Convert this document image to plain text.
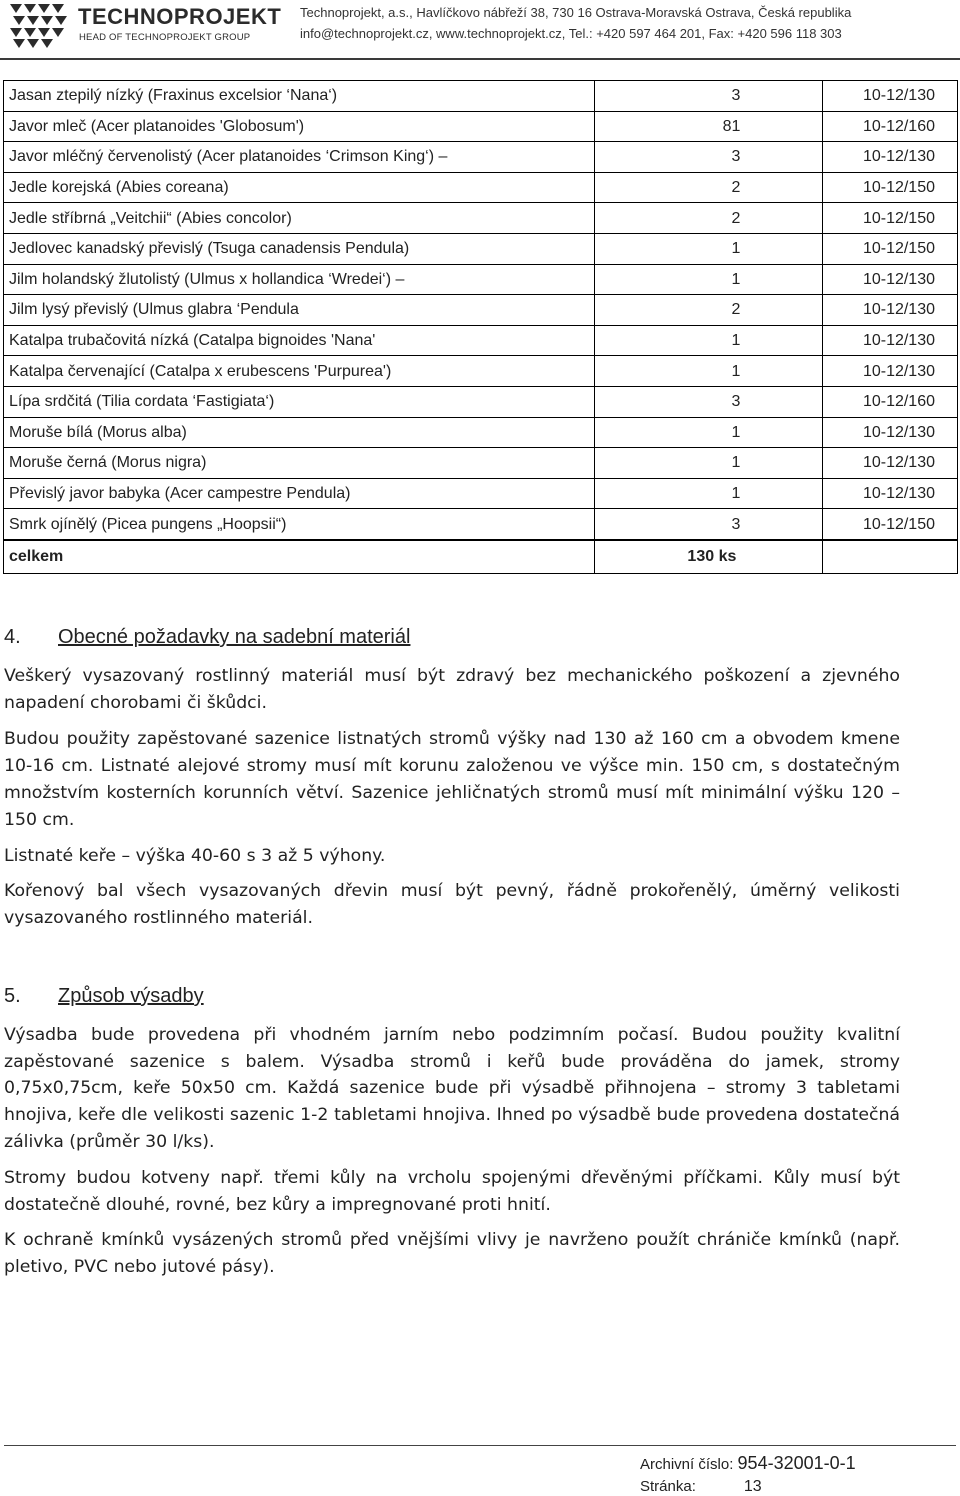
TECHNOPROJEKT
HEAD OF TECHNOPROJEKT GROUP
Technoprojekt, a.s., Havlíčkovo nábřeží 38, 730 16 Ostrava-Moravská Ostrava, Česká republika
info@technoprojekt.cz, www.technoprojekt.cz, Tel.: +420 597 464 201, Fax: +420 596 118 303
Jasan ztepilý nízký (Fraxinus excelsior ‘Nana‘)	3	10-12/130
Javor mleč (Acer platanoides 'Globosum')	81	10-12/160
Javor mléčný červenolistý (Acer platanoides ‘Crimson King‘) –	3	10-12/130
Jedle korejská (Abies coreana)	2	10-12/150
Jedle stříbrná „Veitchii“ (Abies concolor)	2	10-12/150
Jedlovec kanadský převislý (Tsuga canadensis Pendula)	1	10-12/150
Jilm holandský žlutolistý (Ulmus x hollandica ‘Wredei‘) –	1	10-12/130
Jilm lysý převislý (Ulmus glabra ‘Pendula	2	10-12/130
Katalpa trubačovitá nízká (Catalpa bignoides 'Nana'	1	10-12/130
Katalpa červenající (Catalpa x erubescens 'Purpurea')	1	10-12/130
Lípa srdčitá (Tilia cordata ‘Fastigiata‘)	3	10-12/160
Moruše bílá (Morus alba)	1	10-12/130
Moruše černá (Morus nigra)	1	10-12/130
Převislý javor babyka (Acer campestre Pendula)	1	10-12/130
Smrk ojínělý (Picea pungens „Hoopsii“)	3	10-12/150
celkem	130 ks	
4. Obecné požadavky na sadební materiál

Veškerý vysazovaný rostlinný materiál musí být zdravý bez mechanického poškození a zjevného napadení chorobami či škůdci.

Budou použity zapěstované sazenice listnatých stromů výšky nad 130 až 160 cm a obvodem kmene 10-16 cm. Listnaté alejové stromy musí mít korunu založenou ve výšce min. 150 cm, s dostatečným množstvím kosterních korunních větví. Sazenice jehličnatých stromů musí mít minimální výšku 120 – 150 cm.

Listnaté keře – výška 40-60 s 3 až 5 výhony.

Kořenový bal všech vysazovaných dřevin musí být pevný, řádně prokořenělý, úměrný velikosti vysazovaného rostlinného materiál.

5. Způsob výsadby

Výsadba bude provedena při vhodném jarním nebo podzimním počasí. Budou použity kvalitní zapěstované sazenice s balem. Výsadba stromů i keřů bude prováděna do jamek, stromy 0,75x0,75cm, keře 50x50 cm. Každá sazenice bude při výsadbě přihnojena – stromy 3 tabletami hnojiva, keře dle velikosti sazenic 1-2 tabletami hnojiva. Ihned po výsadbě bude provedena dostatečná zálivka (průměr 30 l/ks).

Stromy budou kotveny např. třemi kůly na vrcholu spojenými dřevěnými příčkami. Kůly musí být dostatečně dlouhé, rovné, bez kůry a impregnované proti hnití.

K ochraně kmínků vysázených stromů před vnějšími vlivy je navrženo použít chrániče kmínků (např. pletivo, PVC nebo jutové pásy).

Archivní číslo: 954-32001-0-1
Stránka:	13
